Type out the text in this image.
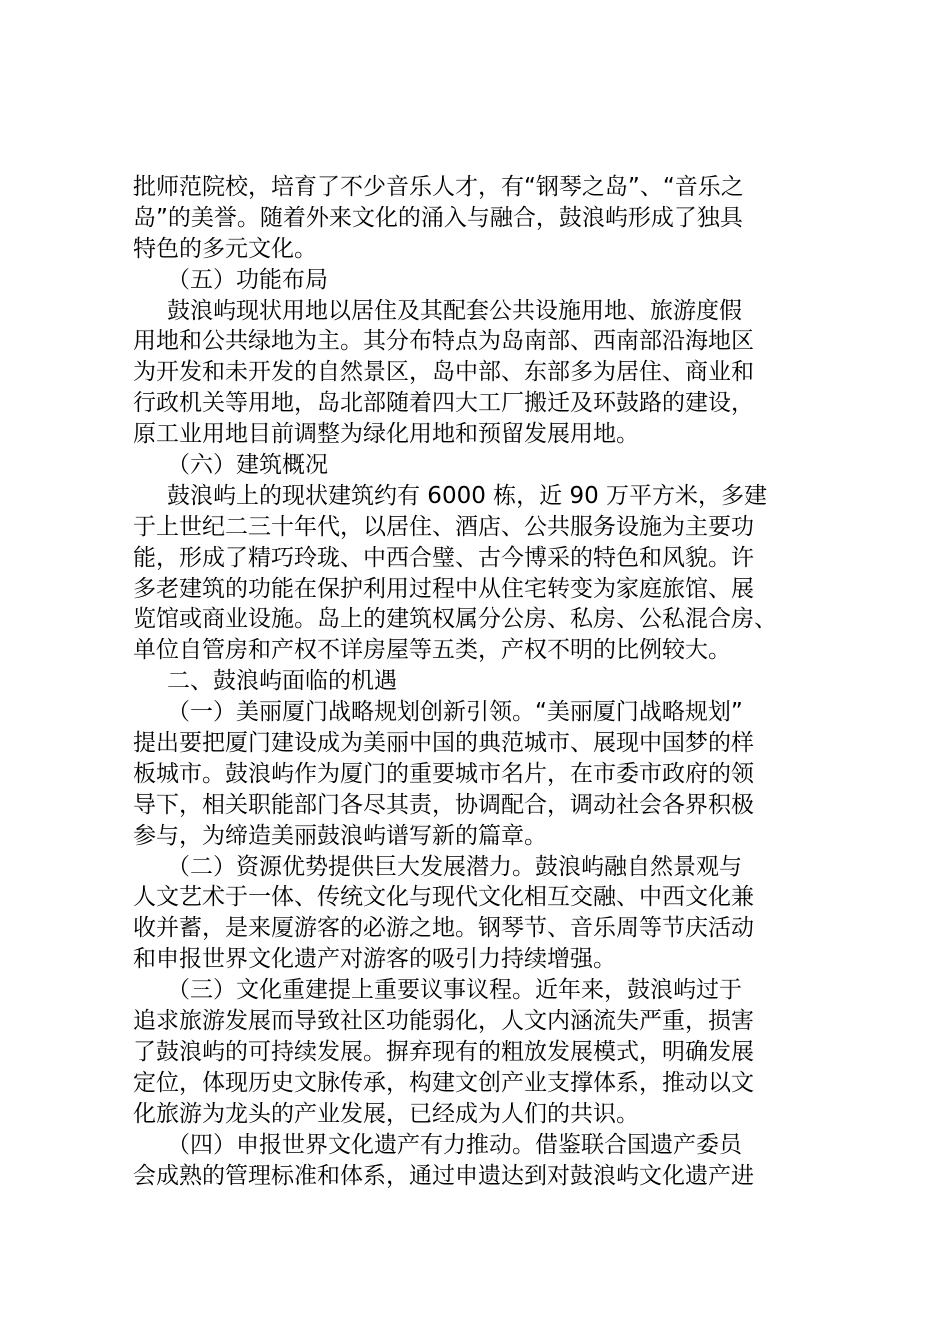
批师范院校，培育了不少音乐人才，有“钢琴之岛”、“音乐之
岛”的美誉。随着外来文化的涌入与融合，鼓浪屿形成了独具
特色的多元文化。
（五）功能布局
鼓浪屿现状用地以居住及其配套公共设施用地、旅游度假
用地和公共绿地为主。其分布特点为岛南部、西南部沿海地区
为开发和未开发的自然景区，岛中部、东部多为居住、商业和
行政机关等用地，岛北部随着四大工厂搬迁及环鼓路的建设，
原工业用地目前调整为绿化用地和预留发展用地。
（六）建筑概况
鼓浪屿上的现状建筑约有 6000 栋，近 90 万平方米，多建
于上世纪二三十年代，以居住、酒店、公共服务设施为主要功
能，形成了精巧玲珑、中西合璧、古今博采的特色和风貌。许
多老建筑的功能在保护利用过程中从住宅转变为家庭旅馆、展
览馆或商业设施。岛上的建筑权属分公房、私房、公私混合房、
单位自管房和产权不详房屋等五类，产权不明的比例较大。
二、鼓浪屿面临的机遇
（一）美丽厦门战略规划创新引领。“美丽厦门战略规划”
提出要把厦门建设成为美丽中国的典范城市、展现中国梦的样
板城市。鼓浪屿作为厦门的重要城市名片，在市委市政府的领
导下，相关职能部门各尽其责，协调配合，调动社会各界积极
参与，为缔造美丽鼓浪屿谱写新的篇章。
（二）资源优势提供巨大发展潜力。鼓浪屿融自然景观与
人文艺术于一体、传统文化与现代文化相互交融、中西文化兼
收并蓄，是来厦游客的必游之地。钢琴节、音乐周等节庆活动
和申报世界文化遗产对游客的吸引力持续增强。
（三）文化重建提上重要议事议程。近年来，鼓浪屿过于
追求旅游发展而导致社区功能弱化，人文内涵流失严重，损害
了鼓浪屿的可持续发展。摒弃现有的粗放发展模式，明确发展
定位，体现历史文脉传承，构建文创产业支撑体系，推动以文
化旅游为龙头的产业发展，已经成为人们的共识。
（四）申报世界文化遗产有力推动。借鉴联合国遗产委员
会成熟的管理标准和体系，通过申遗达到对鼓浪屿文化遗产进
